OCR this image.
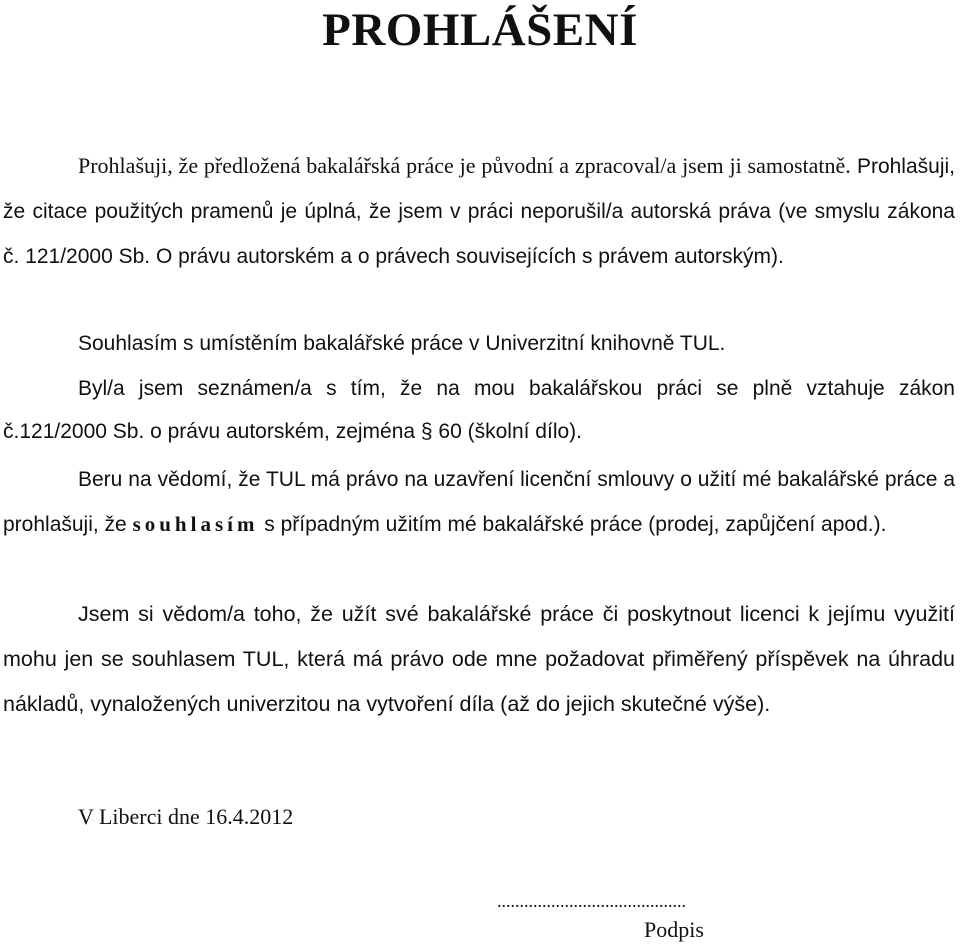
PROHLÁŠENÍ

Prohlašuji, že předložená bakalářská práce je původní a zpracoval/a jsem ji samostatně. Prohlašuji, že citace použitých pramenů je úplná, že jsem v práci neporušil/a autorská práva (ve smyslu zákona č. 121/2000 Sb. O právu autorském a o právech souvisejících s právem autorským).

Souhlasím s umístěním bakalářské práce v Univerzitní knihovně TUL.

Byl/a jsem seznámen/a s tím, že na mou bakalářskou práci se plně vztahuje zákon č.121/2000 Sb. o právu autorském, zejména § 60 (školní dílo).

Beru na vědomí, že TUL má právo na uzavření licenční smlouvy o užití mé bakalářské práce a prohlašuji, že souhlasím s případným užitím mé bakalářské práce (prodej, zapůjčení apod.).

Jsem si vědom/a toho, že užít své bakalářské práce či poskytnout licenci k jejímu využití mohu jen se souhlasem TUL, která má právo ode mne požadovat přiměřený příspěvek na úhradu nákladů, vynaložených univerzitou na vytvoření díla (až do jejich skutečné výše).

V Liberci dne 16.4.2012

..........................................

Podpis
